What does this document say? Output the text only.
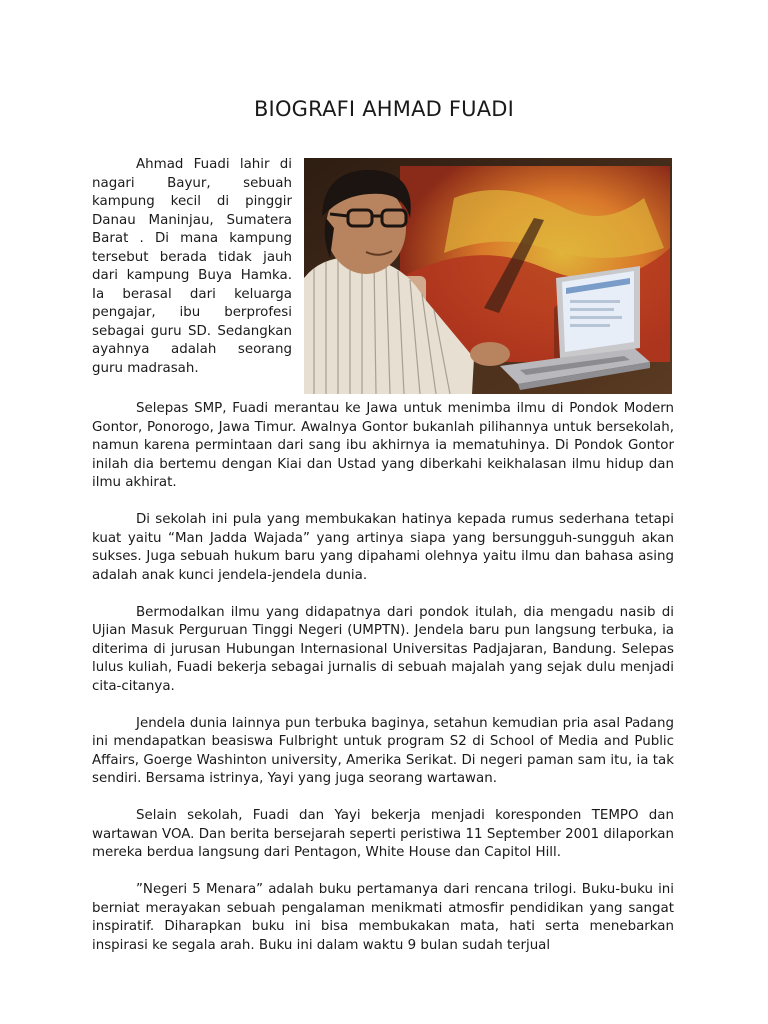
BIOGRAFI AHMAD FUADI

Ahmad Fuadi lahir di nagari Bayur, sebuah kampung kecil di pinggir Danau Maninjau, Sumatera Barat . Di mana kampung tersebut berada tidak jauh dari kampung Buya Hamka. Ia berasal dari keluarga pengajar, ibu berprofesi sebagai guru SD. Sedangkan ayahnya adalah seorang guru madrasah.

Selepas SMP, Fuadi merantau ke Jawa untuk menimba ilmu di Pondok Modern Gontor, Ponorogo, Jawa Timur. Awalnya Gontor bukanlah pilihannya untuk bersekolah, namun karena permintaan dari sang ibu akhirnya ia mematuhinya. Di Pondok Gontor inilah dia bertemu dengan Kiai dan Ustad yang diberkahi keikhalasan ilmu hidup dan ilmu akhirat.

Di sekolah ini pula yang membukakan hatinya kepada rumus sederhana tetapi kuat yaitu “Man Jadda Wajada” yang artinya siapa yang bersungguh-sungguh akan sukses. Juga sebuah hukum baru yang dipahami olehnya yaitu ilmu dan bahasa asing adalah anak kunci jendela-jendela dunia.

Bermodalkan ilmu yang didapatnya dari pondok itulah, dia mengadu nasib di Ujian Masuk Perguruan Tinggi Negeri (UMPTN). Jendela baru pun langsung terbuka, ia diterima di jurusan Hubungan Internasional Universitas Padjajaran, Bandung. Selepas lulus kuliah, Fuadi bekerja sebagai jurnalis di sebuah majalah yang sejak dulu menjadi cita-citanya.

Jendela dunia lainnya pun terbuka baginya, setahun kemudian pria asal Padang ini mendapatkan beasiswa Fulbright untuk program S2 di School of Media and Public Affairs, Goerge Washinton university, Amerika Serikat. Di negeri paman sam itu, ia tak sendiri. Bersama istrinya, Yayi yang juga seorang wartawan.

Selain sekolah, Fuadi dan Yayi bekerja menjadi koresponden TEMPO dan wartawan VOA. Dan berita bersejarah seperti peristiwa 11 September 2001 dilaporkan mereka berdua langsung dari Pentagon, White House dan Capitol Hill.

”Negeri 5 Menara” adalah buku pertamanya dari rencana trilogi. Buku-buku ini berniat merayakan sebuah pengalaman menikmati atmosfir pendidikan yang sangat inspiratif. Diharapkan buku ini bisa membukakan mata, hati serta menebarkan inspirasi ke segala arah. Buku ini dalam waktu 9 bulan sudah terjual
